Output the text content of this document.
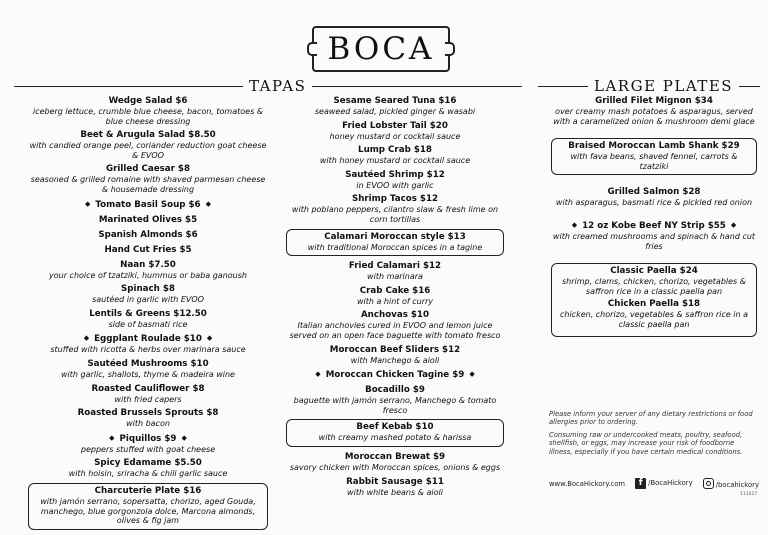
BOCA
TAPAS	LARGE PLATES
Wedge Salad $6
iceberg lettuce, crumble blue cheese, bacon, tomatoes & blue cheese dressing
Beet & Arugula Salad $8.50
with candied orange peel, coriander reduction goat cheese & EVOO
Grilled Caesar $8
seasoned & grilled romaine with shaved parmesan cheese & housemade dressing
◆ Tomato Basil Soup $6 ◆
Marinated Olives $5
Spanish Almonds $6
Hand Cut Fries $5
Naan $7.50
your choice of tzatziki, hummus or baba ganoush
Spinach $8
sautéed in garlic with EVOO
Lentils & Greens $12.50
side of basmati rice
◆ Eggplant Roulade $10 ◆
stuffed with ricotta & herbs over marinara sauce
Sautéed Mushrooms $10
with garlic, shallots, thyme & madeira wine
Roasted Cauliflower $8
with fried capers
Roasted Brussels Sprouts $8
with bacon
◆ Piquillos $9 ◆
peppers stuffed with goat cheese
Spicy Edamame $5.50
with hoisin, sriracha & chili garlic sauce
Charcuterie Plate $16
with jamón serrano, sopersatta, chorizo, aged Gouda, manchego, blue gorgonzola dolce, Marcona almonds, olives & fig jam
Sesame Seared Tuna $16
seaweed salad, pickled ginger & wasabi
Fried Lobster Tail $20
honey mustard or cocktail sauce
Lump Crab $18
with honey mustard or cocktail sauce
Sautéed Shrimp $12
in EVOO with garlic
Shrimp Tacos $12
with poblano peppers, cilantro slaw & fresh lime on corn tortillas
Calamari Moroccan style $13
with traditional Moroccan spices in a tagine
Fried Calamari $12
with marinara
Crab Cake $16
with a hint of curry
Anchovas $10
Italian anchovies cured in EVOO and lemon juice served on an open face baguette with tomato fresco
Moroccan Beef Sliders $12
with Manchego & aioli
◆ Moroccan Chicken Tagine $9 ◆
Bocadillo $9
baguette with jamón serrano, Manchego & tomato fresco
Beef Kebab $10
with creamy mashed potato & harissa
Moroccan Brewat $9
savory chicken with Moroccan spices, onions & eggs
Rabbit Sausage $11
with white beans & aioli
Grilled Filet Mignon $34
over creamy mash potatoes & asparagus, served with a caramelized onion & mushroom demi glace
Braised Moroccan Lamb Shank $29
with fava beans, shaved fennel, carrots & tzatziki
Grilled Salmon $28
with asparagus, basmati rice & pickled red onion
◆ 12 oz Kobe Beef NY Strip $55 ◆
with creamed mushrooms and spinach & hand cut fries
Classic Paella $24
shrimp, clams, chicken, chorizo, vegetables & saffron rice in a classic paella pan
Chicken Paella $18
chicken, chorizo, vegetables & saffron rice in a classic paella pan

Please inform your server of any dietary restrictions or food allergies prior to ordering.

Consuming raw or undercooked meats, poultry, seafood, shellfish, or eggs, may increase your risk of foodborne illness, especially if you have certain medical conditions.

www.BocaHickory.com	f /BocaHickory	/bocahickory
111017
